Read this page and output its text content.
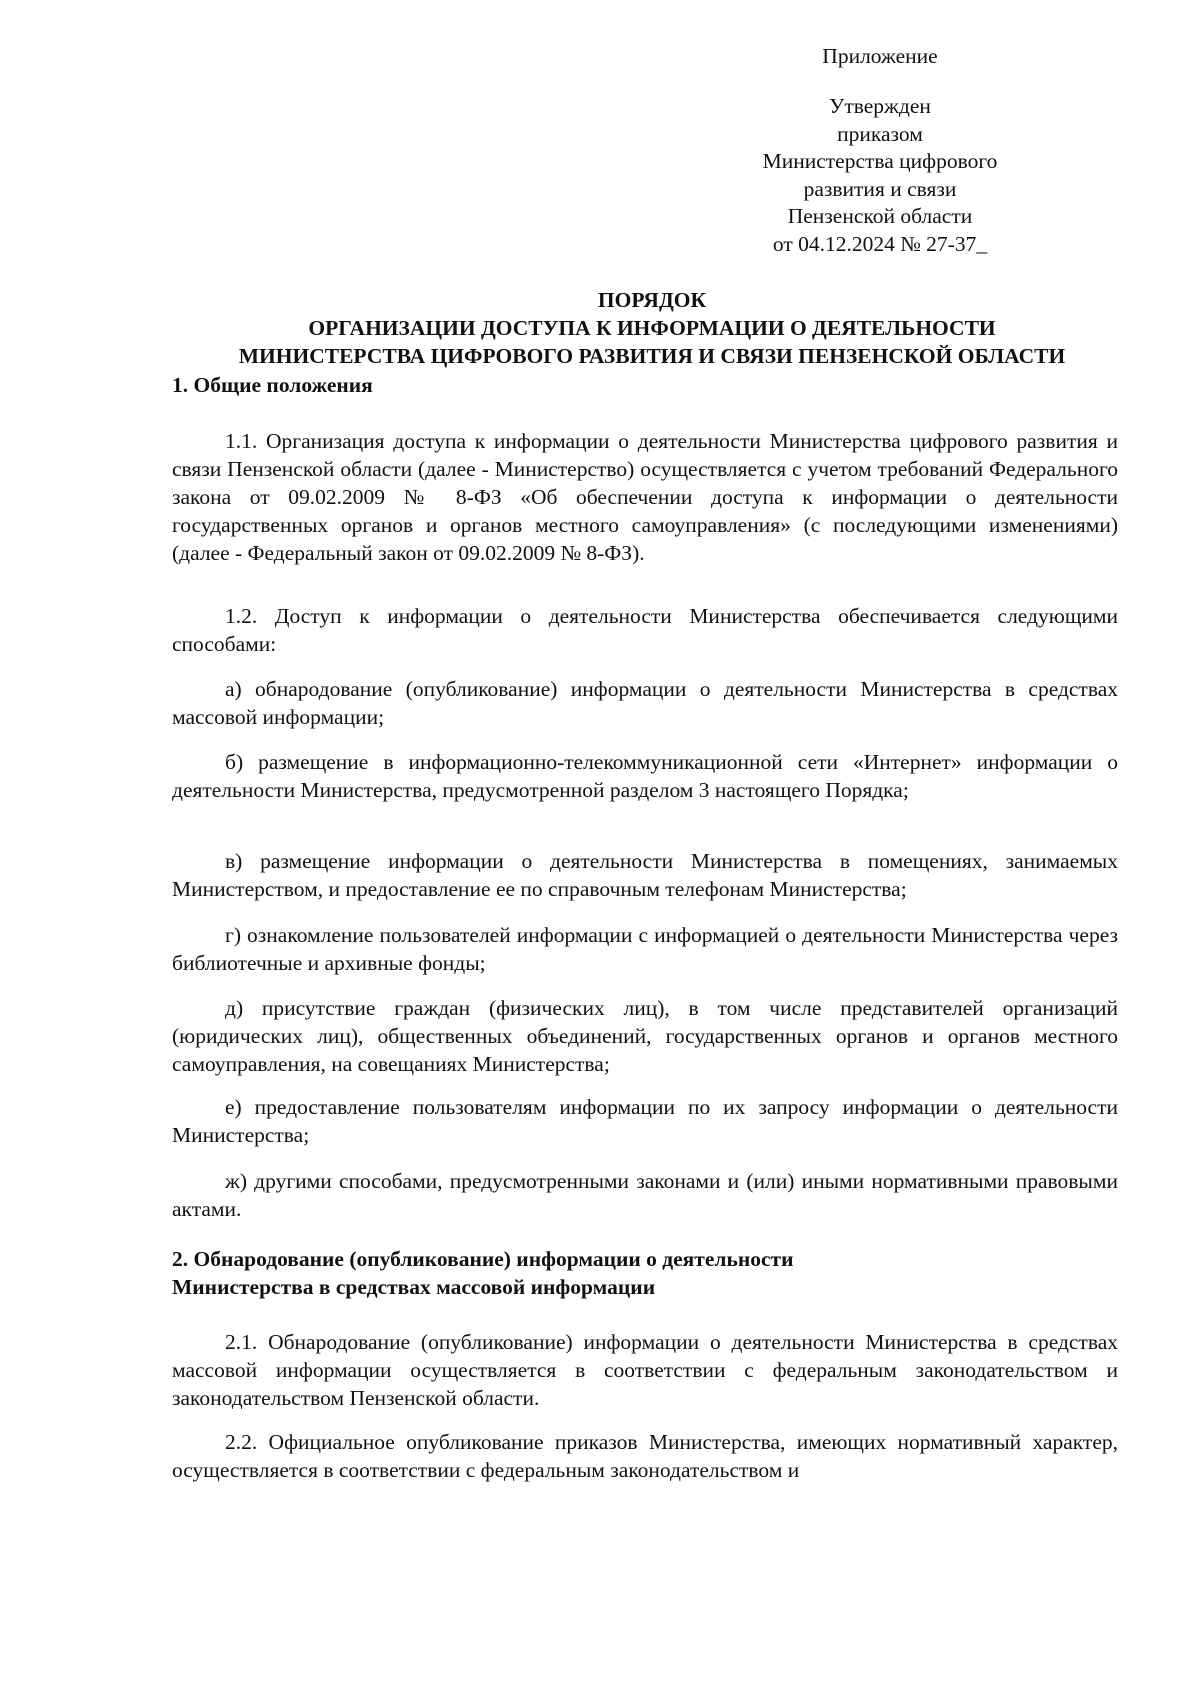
Приложение
Утвержден
приказом
Министерства цифрового
развития и связи
Пензенской области
от 04.12.2024 № 27-37_
ПОРЯДОК
ОРГАНИЗАЦИИ ДОСТУПА К ИНФОРМАЦИИ О ДЕЯТЕЛЬНОСТИ
МИНИСТЕРСТВА ЦИФРОВОГО РАЗВИТИЯ И СВЯЗИ ПЕНЗЕНСКОЙ ОБЛАСТИ

1. Общие положения

1.1. Организация доступа к информации о деятельности Министерства цифрового развития и связи Пензенской области (далее - Министерство) осуществляется с учетом требований Федерального закона от 09.02.2009 № 8-ФЗ «Об обеспечении доступа к информации о деятельности государственных органов и органов местного самоуправления» (с последующими изменениями) (далее - Федеральный закон от 09.02.2009 № 8-ФЗ).

1.2. Доступ к информации о деятельности Министерства обеспечивается следующими способами:

а) обнародование (опубликование) информации о деятельности Министерства в средствах массовой информации;

б) размещение в информационно-телекоммуникационной сети «Интернет» информации о деятельности Министерства, предусмотренной разделом 3 настоящего Порядка;

в) размещение информации о деятельности Министерства в помещениях, занимаемых Министерством, и предоставление ее по справочным телефонам Министерства;

г) ознакомление пользователей информации с информацией о деятельности Министерства через библиотечные и архивные фонды;

д) присутствие граждан (физических лиц), в том числе представителей организаций (юридических лиц), общественных объединений, государственных органов и органов местного самоуправления, на совещаниях Министерства;

е) предоставление пользователям информации по их запросу информации о деятельности Министерства;

ж) другими способами, предусмотренными законами и (или) иными нормативными правовыми актами.

2. Обнародование (опубликование) информации о деятельности

Министерства в средствах массовой информации

2.1. Обнародование (опубликование) информации о деятельности Министерства в средствах массовой информации осуществляется в соответствии с федеральным законодательством и законодательством Пензенской области.

2.2. Официальное опубликование приказов Министерства, имеющих нормативный характер, осуществляется в соответствии с федеральным законодательством и
